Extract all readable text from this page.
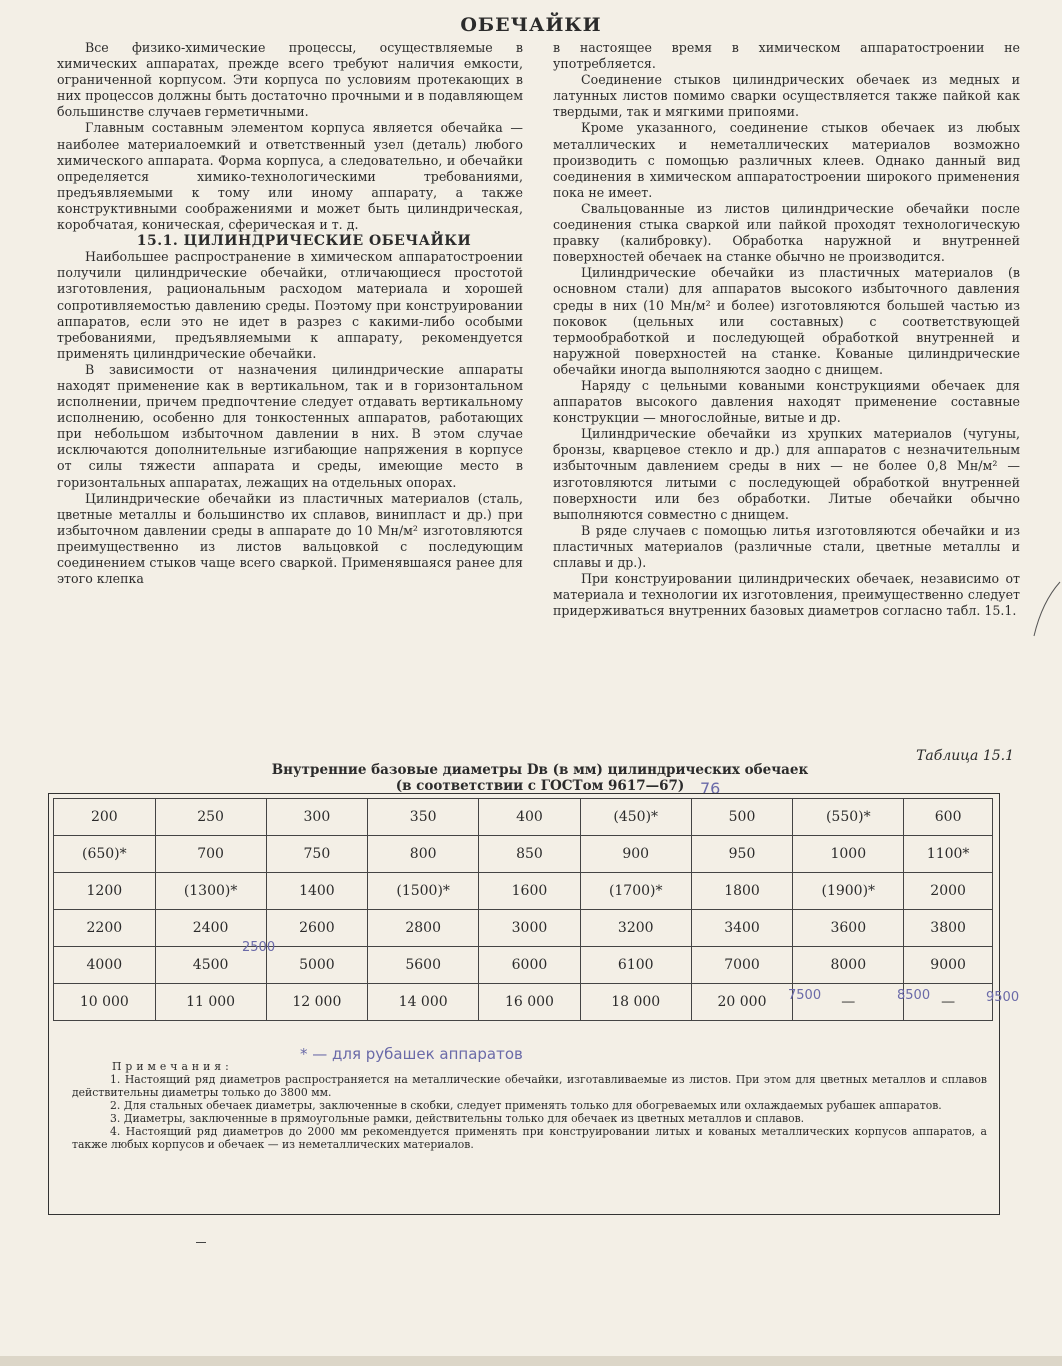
ОБЕЧАЙКИ

Все физико-химические процессы, осуществляемые в химических аппаратах, прежде всего требуют наличия емкости, ограниченной корпусом. Эти корпуса по условиям протекающих в них процессов должны быть достаточно прочными и в подавляющем большинстве случаев герметичными.

Главным составным элементом корпуса является обечайка — наиболее материалоемкий и ответственный узел (деталь) любого химического аппарата. Форма корпуса, а следовательно, и обечайки определяется химико-технологическими требованиями, предъявляемыми к тому или иному аппарату, а также конструктивными соображениями и может быть цилиндрическая, коробчатая, коническая, сферическая и т. д.

15.1. ЦИЛИНДРИЧЕСКИЕ ОБЕЧАЙКИ

Наибольшее распространение в химическом аппаратостроении получили цилиндрические обечайки, отличающиеся простотой изготовления, рациональным расходом материала и хорошей сопротивляемостью давлению среды. Поэтому при конструировании аппаратов, если это не идет в разрез с какими-либо особыми требованиями, предъявляемыми к аппарату, рекомендуется применять цилиндрические обечайки.

В зависимости от назначения цилиндрические аппараты находят применение как в вертикальном, так и в горизонтальном исполнении, причем предпочтение следует отдавать вертикальному исполнению, особенно для тонкостенных аппаратов, работающих при небольшом избыточном давлении в них. В этом случае исключаются дополнительные изгибающие напряжения в корпусе от силы тяжести аппарата и среды, имеющие место в горизонтальных аппаратах, лежащих на отдельных опорах.

Цилиндрические обечайки из пластичных материалов (сталь, цветные металлы и большинство их сплавов, винипласт и др.) при избыточном давлении среды в аппарате до 10 Мн/м² изготовляются преимущественно из листов вальцовкой с последующим соединением стыков чаще всего сваркой. Применявшаяся ранее для этого клепка

в настоящее время в химическом аппаратостроении не употребляется.

Соединение стыков цилиндрических обечаек из медных и латунных листов помимо сварки осуществляется также пайкой как твердыми, так и мягкими припоями.

Кроме указанного, соединение стыков обечаек из любых металлических и неметаллических материалов возможно производить с помощью различных клеев. Однако данный вид соединения в химическом аппаратостроении широкого применения пока не имеет.

Свальцованные из листов цилиндрические обечайки после соединения стыка сваркой или пайкой проходят технологическую правку (калибровку). Обработка наружной и внутренней поверхностей обечаек на станке обычно не производится.

Цилиндрические обечайки из пластичных материалов (в основном стали) для аппаратов высокого избыточного давления среды в них (10 Мн/м² и более) изготовляются большей частью из поковок (цельных или составных) с соответствующей термообработкой и последующей обработкой внутренней и наружной поверхностей на станке. Кованые цилиндрические обечайки иногда выполняются заодно с днищем.

Наряду с цельными коваными конструкциями обечаек для аппаратов высокого давления находят применение составные конструкции — многослойные, витые и др.

Цилиндрические обечайки из хрупких материалов (чугуны, бронзы, кварцевое стекло и др.) для аппаратов с незначительным избыточным давлением среды в них — не более 0,8 Мн/м² — изготовляются литыми с последующей обработкой внутренней поверхности или без обработки. Литые обечайки обычно выполняются совместно с днищем.

В ряде случаев с помощью литья изготовляются обечайки и из пластичных материалов (различные стали, цветные металлы и сплавы и др.).

При конструировании цилиндрических обечаек, независимо от материала и технологии их изготовления, преимущественно следует придерживаться внутренних базовых диаметров согласно табл. 15.1.

Таблица 15.1
Внутренние базовые диаметры Dв (в мм) цилиндрических обечаек
(в соответствии с ГОСТом 9617—67) 76
200	250	300	350	400	(450)*	500	(550)*	600
(650)*	700	750	800	850	900	950	1000	1100*
1200	(1300)*	1400	(1500)*	1600	(1700)*	1800	(1900)*	2000
2200	2400	2600	2800	3000	3200	3400	3600	3800
4000	4500	5000	5600	6000	6100	7000	8000	9000
10 000	11 000	12 000	14 000	16 000	18 000	20 000	—	—
2500
7500	8500	9500
* — для рубашек аппаратов

Примечания:

1. Настоящий ряд диаметров распространяется на металлические обечайки, изготавливаемые из листов. При этом для цветных металлов и сплавов действительны диаметры только до 3800 мм.

2. Для стальных обечаек диаметры, заключенные в скобки, следует применять только для обогреваемых или охлаждаемых рубашек аппаратов.

3. Диаметры, заключенные в прямоугольные рамки, действительны только для обечаек из цветных металлов и сплавов.

4. Настоящий ряд диаметров до 2000 мм рекомендуется применять при конструировании литых и кованых металлических корпусов аппаратов, а также любых корпусов и обечаек — из неметаллических материалов.
